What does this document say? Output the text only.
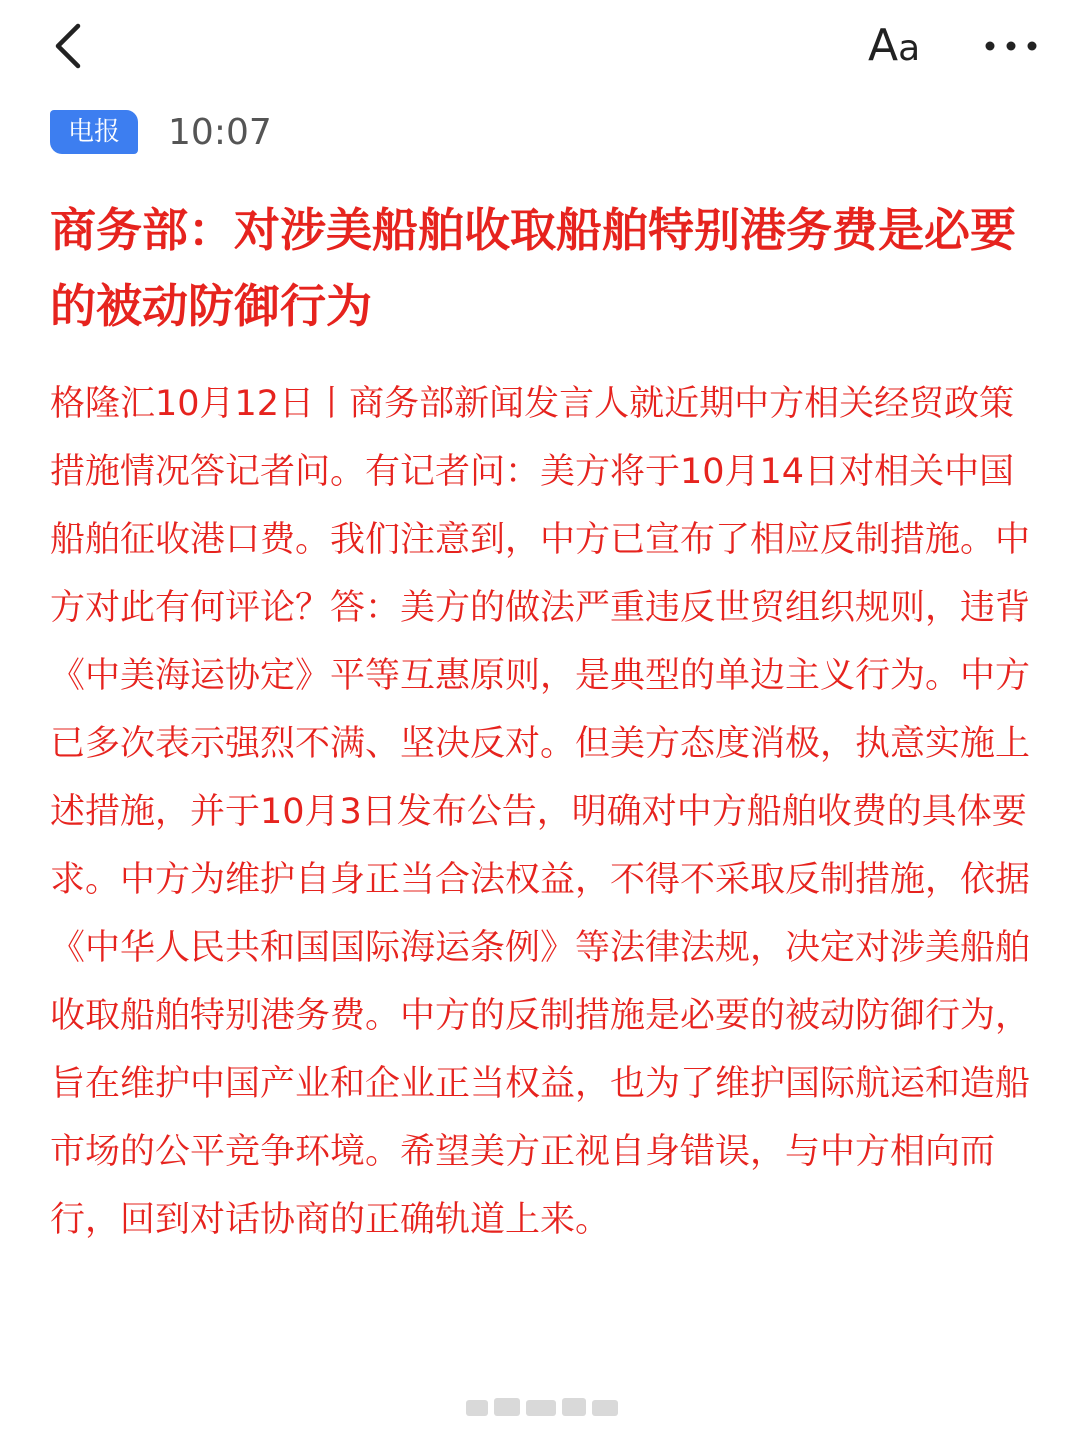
Aa
电报	10:07
商务部：对涉美船舶收取船舶特别港务费是必要的被动防御行为

格隆汇10月12日丨商务部新闻发言人就近期中方相关经贸政策措施情况答记者问。有记者问：美方将于10月14日对相关中国船舶征收港口费。我们注意到，中方已宣布了相应反制措施。中方对此有何评论？答：美方的做法严重违反世贸组织规则，违背《中美海运协定》平等互惠原则，是典型的单边主义行为。中方已多次表示强烈不满、坚决反对。但美方态度消极，执意实施上述措施，并于10月3日发布公告，明确对中方船舶收费的具体要求。中方为维护自身正当合法权益，不得不采取反制措施，依据《中华人民共和国国际海运条例》等法律法规，决定对涉美船舶收取船舶特别港务费。中方的反制措施是必要的被动防御行为，旨在维护中国产业和企业正当权益，也为了维护国际航运和造船市场的公平竞争环境。希望美方正视自身错误，与中方相向而行，回到对话协商的正确轨道上来。
